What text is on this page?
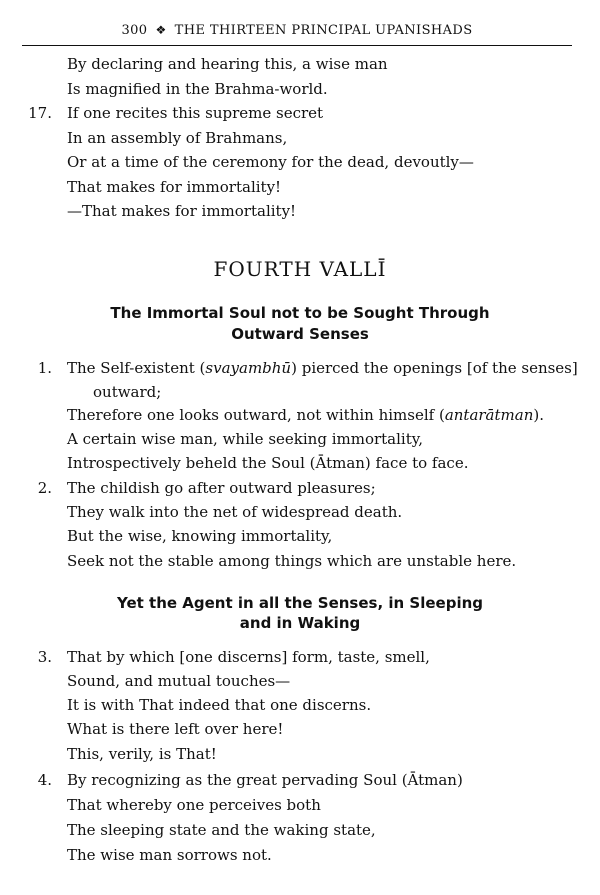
300 ❖ THE THIRTEEN PRINCIPAL UPANISHADS
By declaring and hearing this, a wise man
Is magnified in the Brahma-world.
17. If one recites this supreme secret
In an assembly of Brahmans,
Or at a time of the ceremony for the dead, devoutly—
That makes for immortality!
—That makes for immortality!
FOURTH VALLĪ
The Immortal Soul not to be Sought Through
Outward Senses
1. The Self-existent (svayambhū) pierced the openings [of the senses]
outward;
Therefore one looks outward, not within himself (antarātman).
A certain wise man, while seeking immortality,
Introspectively beheld the Soul (Ātman) face to face.
2. The childish go after outward pleasures;
They walk into the net of widespread death.
But the wise, knowing immortality,
Seek not the stable among things which are unstable here.
Yet the Agent in all the Senses, in Sleeping
and in Waking
3. That by which [one discerns] form, taste, smell,
Sound, and mutual touches—
It is with That indeed that one discerns.
What is there left over here!
This, verily, is That!
4. By recognizing as the great pervading Soul (Ātman)
That whereby one perceives both
The sleeping state and the waking state,
The wise man sorrows not.
